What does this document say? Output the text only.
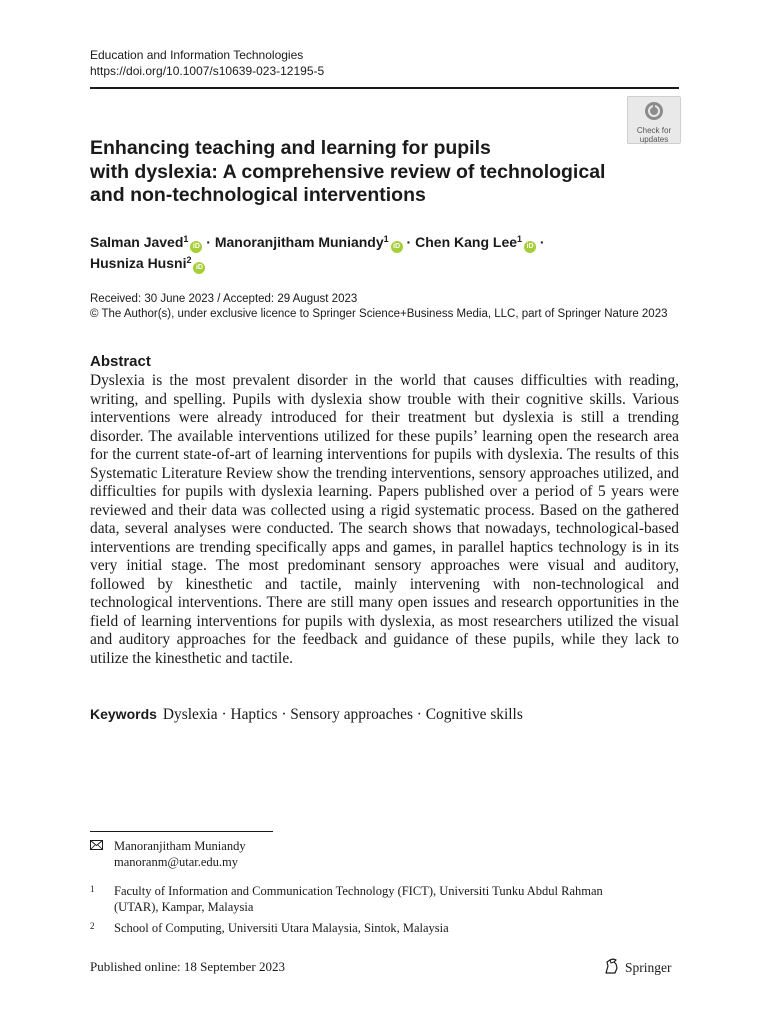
Education and Information Technologies
https://doi.org/10.1007/s10639-023-12195-5
Check for
updates
Enhancing teaching and learning for pupils
with dyslexia: A comprehensive review of technological
and non-technological interventions
Salman Javed$^1$iD · Manoranjitham Muniandy$^1$iD · Chen Kang Lee$^1$iD ·
Husniza Husni$^2$iD
Received: 30 June 2023 / Accepted: 29 August 2023
© The Author(s), under exclusive licence to Springer Science+Business Media, LLC, part of Springer Nature 2023
Abstract
Dyslexia is the most prevalent disorder in the world that causes difficulties with reading, writing, and spelling. Pupils with dyslexia show trouble with their cognitive skills. Various interventions were already introduced for their treatment but dyslexia is still a trending disorder. The available interventions utilized for these pupils’ learning open the research area for the current state-of-art of learning interventions for pupils with dyslexia. The results of this Systematic Literature Review show the trending interventions, sensory approaches utilized, and difficulties for pupils with dyslexia learning. Papers published over a period of 5 years were reviewed and their data was collected using a rigid systematic process. Based on the gathered data, several analyses were conducted. The search shows that nowadays, technological-based interventions are trending specifically apps and games, in parallel haptics technology is in its very initial stage. The most predominant sensory approaches were visual and auditory, followed by kinesthetic and tactile, mainly intervening with non-technological and technological interventions. There are still many open issues and research opportunities in the field of learning interventions for pupils with dyslexia, as most researchers utilized the visual and auditory approaches for the feedback and guidance of these pupils, while they lack to utilize the kinesthetic and tactile.
Keywords Dyslexia · Haptics · Sensory approaches · Cognitive skills
Manoranjitham Muniandy
manoranm@utar.edu.my
1 Faculty of Information and Communication Technology (FICT), Universiti Tunku Abdul Rahman (UTAR), Kampar, Malaysia
2 School of Computing, Universiti Utara Malaysia, Sintok, Malaysia
Published online: 18 September 2023	Springer
